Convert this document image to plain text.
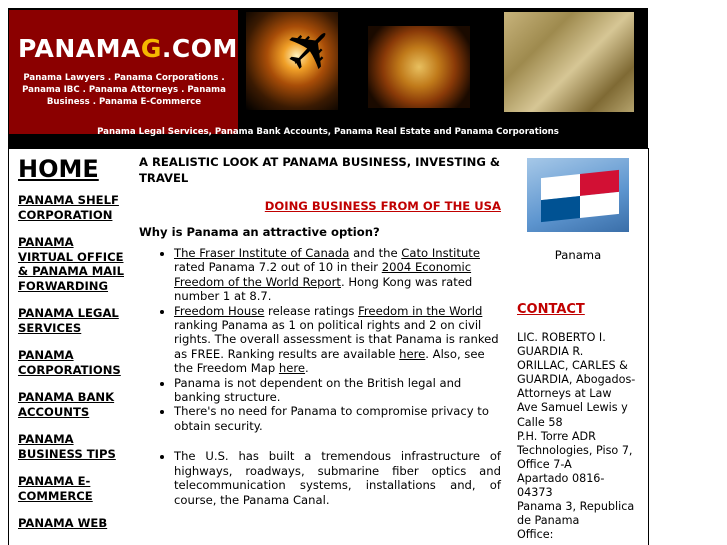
PANAMAG.COM
Panama Lawyers . Panama Corporations . Panama IBC . Panama Attorneys . Panama Business . Panama E-Commerce
✈
Panama Legal Services, Panama Bank Accounts, Panama Real Estate and Panama Corporations
HOME
PANAMA SHELF CORPORATION
PANAMA VIRTUAL OFFICE & PANAMA MAIL FORWARDING
PANAMA LEGAL SERVICES
PANAMA CORPORATIONS
PANAMA BANK ACCOUNTS
PANAMA BUSINESS TIPS
PANAMA E-COMMERCE
PANAMA WEB
A REALISTIC LOOK AT PANAMA BUSINESS, INVESTING & TRAVEL
DOING BUSINESS FROM OF THE USA
Why is Panama an attractive option?
• The Fraser Institute of Canada and the Cato Institute rated Panama 7.2 out of 10 in their 2004 Economic Freedom of the World Report. Hong Kong was rated number 1 at 8.7.
• Freedom House release ratings Freedom in the World ranking Panama as 1 on political rights and 2 on civil rights. The overall assessment is that Panama is ranked as FREE. Ranking results are available here. Also, see the Freedom Map here.
• Panama is not dependent on the British legal and banking structure.
• There's no need for Panama to compromise privacy to obtain security.
• The U.S. has built a tremendous infrastructure of highways, roadways, submarine fiber optics and telecommunication systems, installations and, of course, the Panama Canal.
Panama
CONTACT
LIC. ROBERTO I.
GUARDIA R.
ORILLAC, CARLES &
GUARDIA, Abogados-
Attorneys at Law
Ave Samuel Lewis y
Calle 58
P.H. Torre ADR
Technologies, Piso 7,
Office 7-A
Apartado 0816-
04373
Panama 3, Republica
de Panama
Office:
